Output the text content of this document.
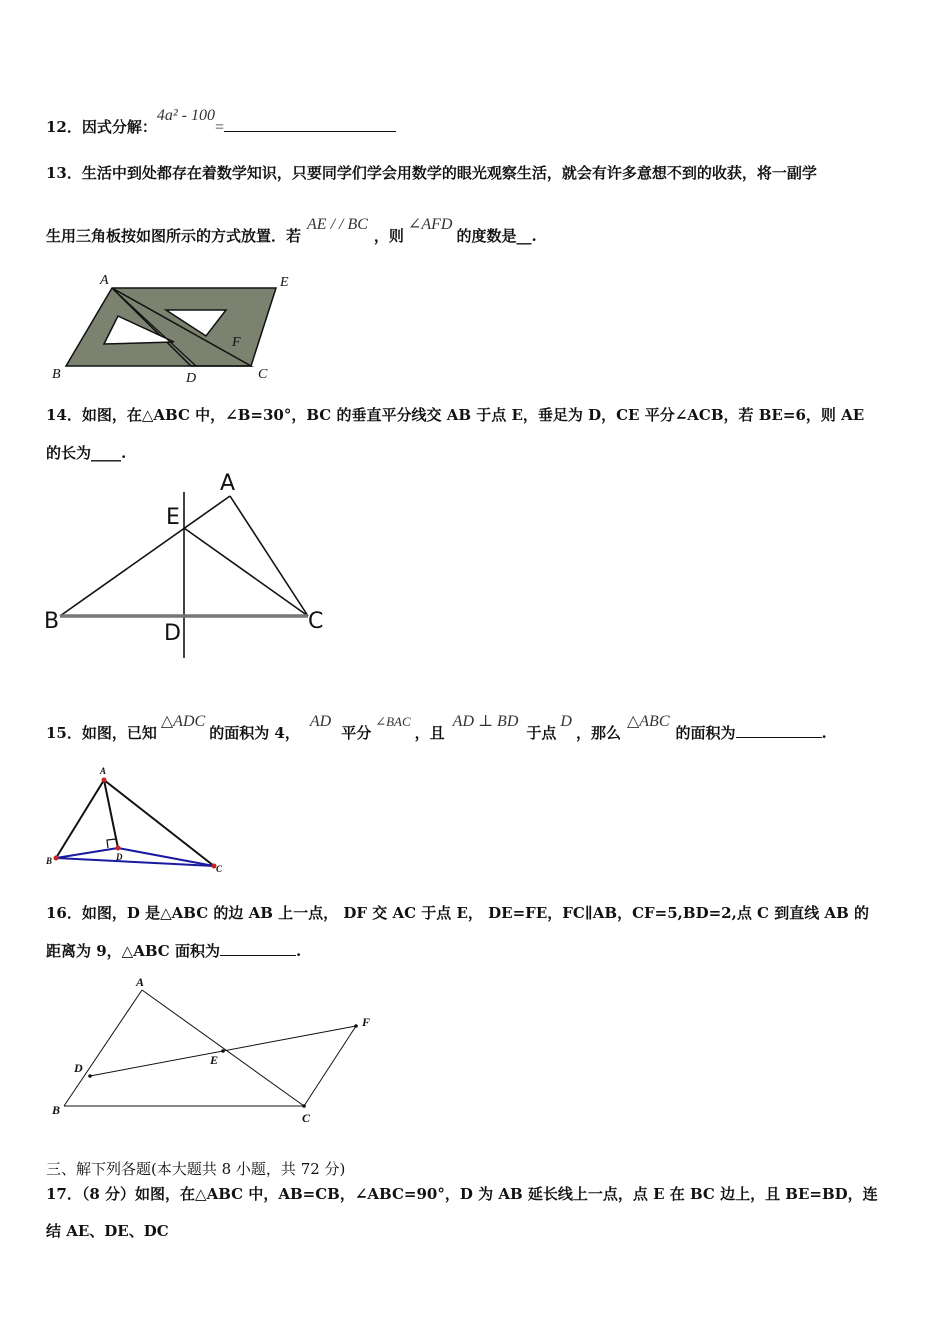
12．因式分解：4a² - 100=
13．生活中到处都存在着数学知识，只要同学们学会用数学的眼光观察生活，就会有许多意想不到的收获，将一副学
生用三角板按如图所示的方式放置．若AE / / BC，则∠AFD的度数是__.
A	E
F
B	D	C
14．如图，在△ABC 中，∠B=30°，BC 的垂直平分线交 AB 于点 E，垂足为 D，CE 平分∠ACB，若 BE=6，则 AE
的长为____.
A
E
B	D	C
15．如图，已知△ADC的面积为 4，AD平分∠BAC，且AD ⊥ BD于点D，那么△ABC的面积为	.
A
B	D
C
16．如图，D 是△ABC 的边 AB 上一点， DF 交 AC 于点 E， DE=FE，FC∥AB，CF=5,BD=2,点 C 到直线 AB 的
距离为 9，△ABC 面积为	.
A
F
D
E
B
C
三、解下列各题(本大题共 8 小题，共 72 分)
17．（8 分）如图，在△ABC 中，AB=CB，∠ABC=90°，D 为 AB 延长线上一点，点 E 在 BC 边上，且 BE=BD，连
结 AE、DE、DC
